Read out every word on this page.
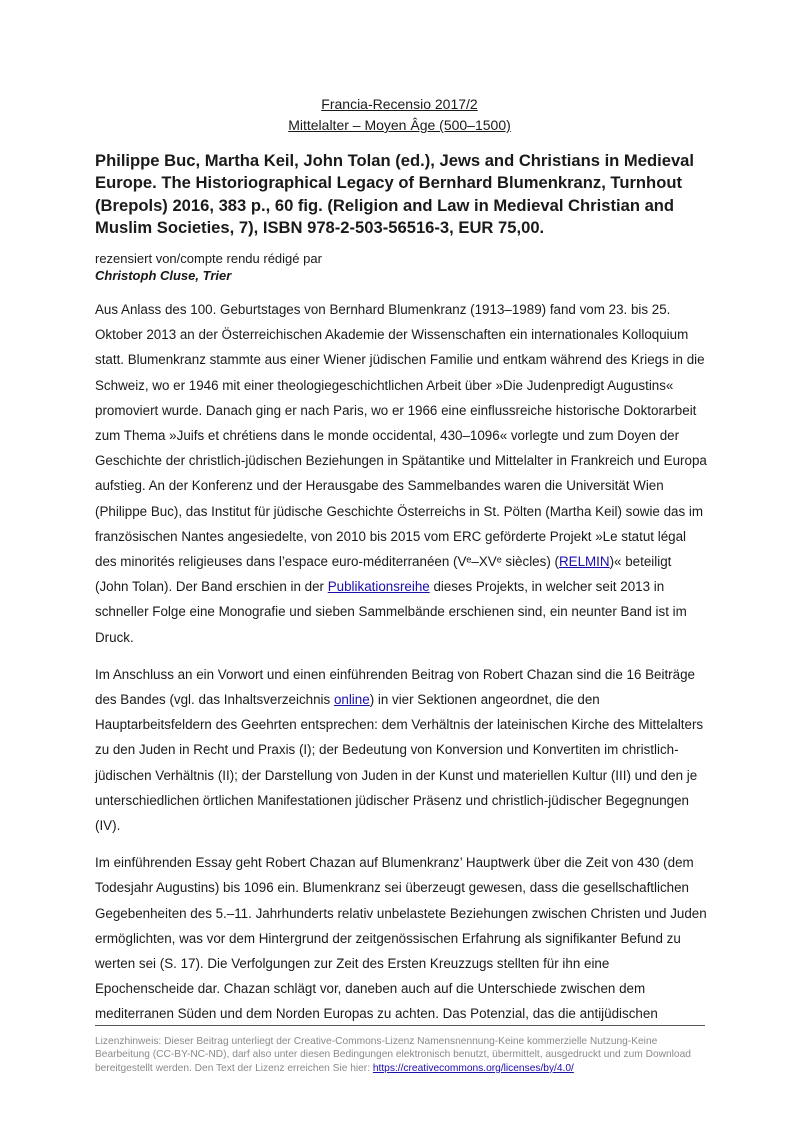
Francia-Recensio 2017/2
Mittelalter – Moyen Âge (500–1500)
Philippe Buc, Martha Keil, John Tolan (ed.), Jews and Christians in Medieval Europe. The Historiographical Legacy of Bernhard Blumenkranz, Turnhout (Brepols) 2016, 383 p., 60 fig. (Religion and Law in Medieval Christian and Muslim Societies, 7), ISBN 978-2-503-56516-3, EUR 75,00.
rezensiert von/compte rendu rédigé par
Christoph Cluse, Trier

Aus Anlass des 100. Geburtstages von Bernhard Blumenkranz (1913–1989) fand vom 23. bis 25. Oktober 2013 an der Österreichischen Akademie der Wissenschaften ein internationales Kolloquium statt. Blumenkranz stammte aus einer Wiener jüdischen Familie und entkam während des Kriegs in die Schweiz, wo er 1946 mit einer theologiegeschichtlichen Arbeit über »Die Judenpredigt Augustins« promoviert wurde. Danach ging er nach Paris, wo er 1966 eine einflussreiche historische Doktorarbeit zum Thema »Juifs et chrétiens dans le monde occidental, 430–1096« vorlegte und zum Doyen der Geschichte der christlich-jüdischen Beziehungen in Spätantike und Mittelalter in Frankreich und Europa aufstieg. An der Konferenz und der Herausgabe des Sammelbandes waren die Universität Wien (Philippe Buc), das Institut für jüdische Geschichte Österreichs in St. Pölten (Martha Keil) sowie das im französischen Nantes angesiedelte, von 2010 bis 2015 vom ERC geförderte Projekt »Le statut légal des minorités religieuses dans l’espace euro-méditerranéen (Vᵉ–XVᵉ siècles) (RELMIN)« beteiligt (John Tolan). Der Band erschien in der Publikationsreihe dieses Projekts, in welcher seit 2013 in schneller Folge eine Monografie und sieben Sammelbände erschienen sind, ein neunter Band ist im Druck.

Im Anschluss an ein Vorwort und einen einführenden Beitrag von Robert Chazan sind die 16 Beiträge des Bandes (vgl. das Inhaltsverzeichnis online) in vier Sektionen angeordnet, die den Hauptarbeitsfeldern des Geehrten entsprechen: dem Verhältnis der lateinischen Kirche des Mittelalters zu den Juden in Recht und Praxis (I); der Bedeutung von Konversion und Konvertiten im christlich-jüdischen Verhältnis (II); der Darstellung von Juden in der Kunst und materiellen Kultur (III) und den je unterschiedlichen örtlichen Manifestationen jüdischer Präsenz und christlich-jüdischer Begegnungen (IV).

Im einführenden Essay geht Robert Chazan auf Blumenkranz’ Hauptwerk über die Zeit von 430 (dem Todesjahr Augustins) bis 1096 ein. Blumenkranz sei überzeugt gewesen, dass die gesellschaftlichen Gegebenheiten des 5.–11. Jahrhunderts relativ unbelastete Beziehungen zwischen Christen und Juden ermöglichten, was vor dem Hintergrund der zeitgenössischen Erfahrung als signifikanter Befund zu werten sei (S. 17). Die Verfolgungen zur Zeit des Ersten Kreuzzugs stellten für ihn eine Epochenscheide dar. Chazan schlägt vor, daneben auch auf die Unterschiede zwischen dem mediterranen Süden und dem Norden Europas zu achten. Das Potenzial, das die antijüdischen

Lizenzhinweis: Dieser Beitrag unterliegt der Creative-Commons-Lizenz Namensnennung-Keine kommerzielle Nutzung-Keine Bearbeitung (CC-BY-NC-ND), darf also unter diesen Bedingungen elektronisch benutzt, übermittelt, ausgedruckt und zum Download bereitgestellt werden. Den Text der Lizenz erreichen Sie hier: https://creativecommons.org/licenses/by/4.0/
